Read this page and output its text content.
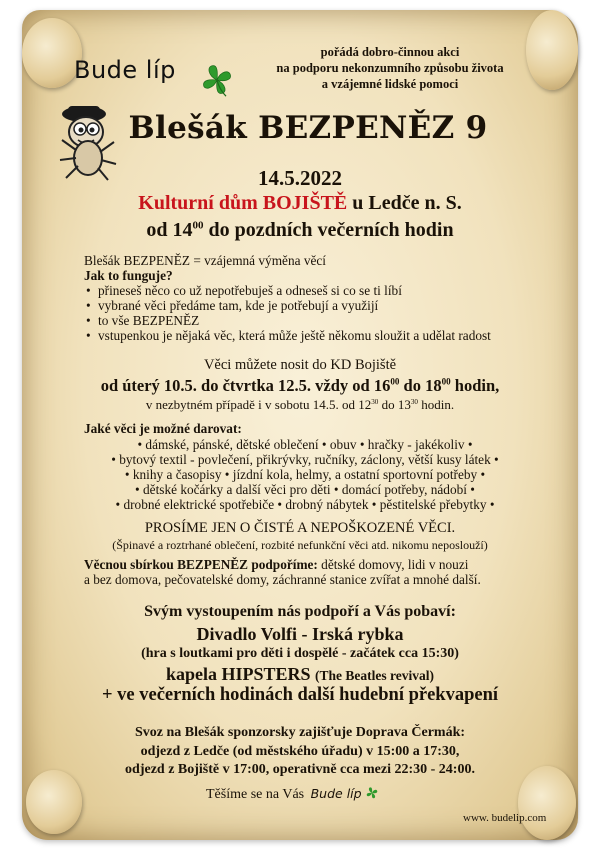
Bude líp
pořádá dobro-činnou akci
na podporu nekonzumního způsobu života
a vzájemné lidské pomoci
Blešák BEZPENĚZ 9
14.5.2022
Kulturní dům BOJIŠTĚ u Ledče n. S.
od $14^{00}$ do pozdních večerních hodin
Blešák BEZPENĚZ = vzájemná výměna věcí
Jak to funguje?
• přineseš něco co už nepotřebuješ a odneseš si co se ti líbí
• vybrané věci předáme tam, kde je potřebují a využijí
• to vše BEZPENĚZ
• vstupenkou je nějaká věc, která může ještě někomu sloužit a udělat radost
Věci můžete nosit do KD Bojiště
od úterý 10.5. do čtvrtka 12.5. vždy od $16^{00}$ do $18^{00}$ hodin,
v nezbytném případě i v sobotu 14.5. od $12^{30}$ do $13^{30}$ hodin.
Jaké věci je možné darovat:
• dámské, pánské, dětské oblečení • obuv • hračky - jakékoliv •
• bytový textil - povlečení, přikrývky, ručníky, záclony, větší kusy látek •
• knihy a časopisy • jízdní kola, helmy, a ostatní sportovní potřeby •
• dětské kočárky a další věci pro děti • domácí potřeby, nádobí •
• drobné elektrické spotřebiče • drobný nábytek • pěstitelské přebytky •
PROSÍME JEN O ČISTÉ A NEPOŠKOZENÉ VĚCI.
(Špinavé a roztrhané oblečení, rozbité nefunkční věci atd. nikomu neposlouží)
Věcnou sbírkou BEZPENĚZ podpoříme: dětské domovy, lidi v nouzi
a bez domova, pečovatelské domy, záchranné stanice zvířat a mnohé další.
Svým vystoupením nás podpoří a Vás pobaví:
Divadlo Volfi - Irská rybka
(hra s loutkami pro děti i dospělé - začátek cca 15:30)
kapela HIPSTERS (The Beatles revival)
+ ve večerních hodinách další hudební překvapení
Svoz na Blešák sponzorsky zajišťuje Doprava Čermák:
odjezd z Ledče (od městského úřadu) v 15:00 a 17:30,
odjezd z Bojiště v 17:00, operativně cca mezi 22:30 - 24:00.
Těšíme se na Vás Bude líp
www. budelip.com
